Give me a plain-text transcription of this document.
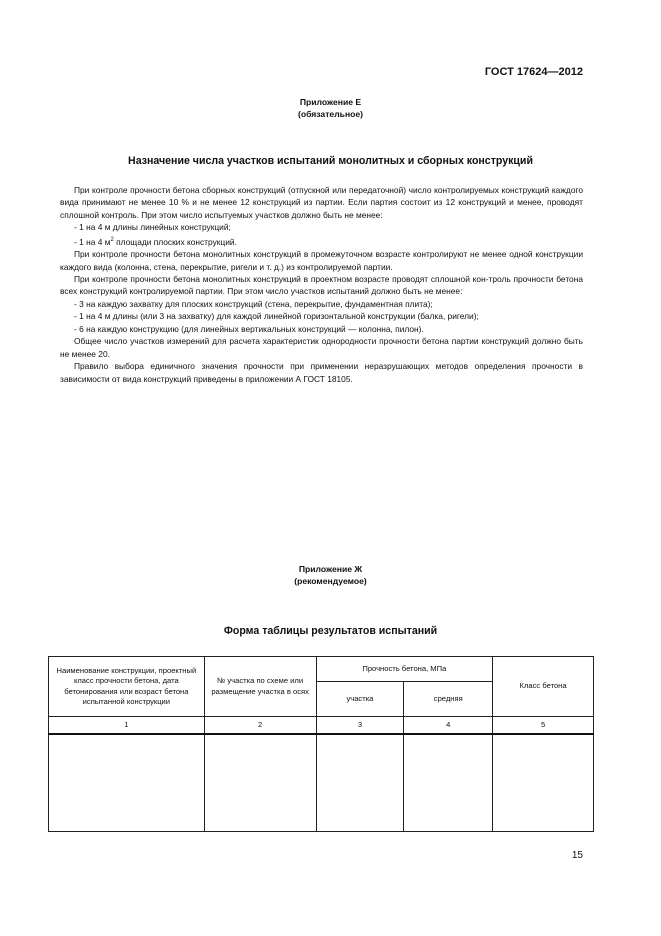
ГОСТ 17624—2012
Приложение Е
(обязательное)
Назначение числа участков испытаний монолитных и сборных конструкций

При контроле прочности бетона сборных конструкций (отпускной или передаточной) число контролируемых конструкций каждого вида принимают не менее 10 % и не менее 12 конструкций из партии. Если партия состоит из 12 конструкций и менее, проводят сплошной контроль. При этом число испытуемых участков должно быть не менее:

- 1 на 4 м длины линейных конструкций;

- 1 на 4 $м^2$ площади плоских конструкций.

При контроле прочности бетона монолитных конструкций в промежуточном возрасте контролируют не менее одной конструкции каждого вида (колонна, стена, перекрытие, ригели и т. д.) из контролируемой партии.

При контроле прочности бетона монолитных конструкций в проектном возрасте проводят сплошной кон-троль прочности бетона всех конструкций контролируемой партии. При этом число участков испытаний должно быть не менее:

- 3 на каждую захватку для плоских конструкций (стена, перекрытие, фундаментная плита);

- 1 на 4 м длины (или 3 на захватку) для каждой линейной горизонтальной конструкции (балка, ригели);

- 6 на каждую конструкцию (для линейных вертикальных конструкций — колонна, пилон).

Общее число участков измерений для расчета характеристик однородности прочности бетона партии конструкций должно быть не менее 20.

Правило выбора единичного значения прочности при применении неразрушающих методов определения прочности в зависимости от вида конструкций приведены в приложении А ГОСТ 18105.

Приложение Ж
(рекомендуемое)
Форма таблицы результатов испытаний
Наименование конструкции, проектный класс прочности бетона, дата бетонирования или возраст бетона испытанной конструкции	№ участка по схеме или размещение участка в осях	Прочность бетона, МПа		Класс бетона
		участка	средняя	
1	2	3	4	5

15
